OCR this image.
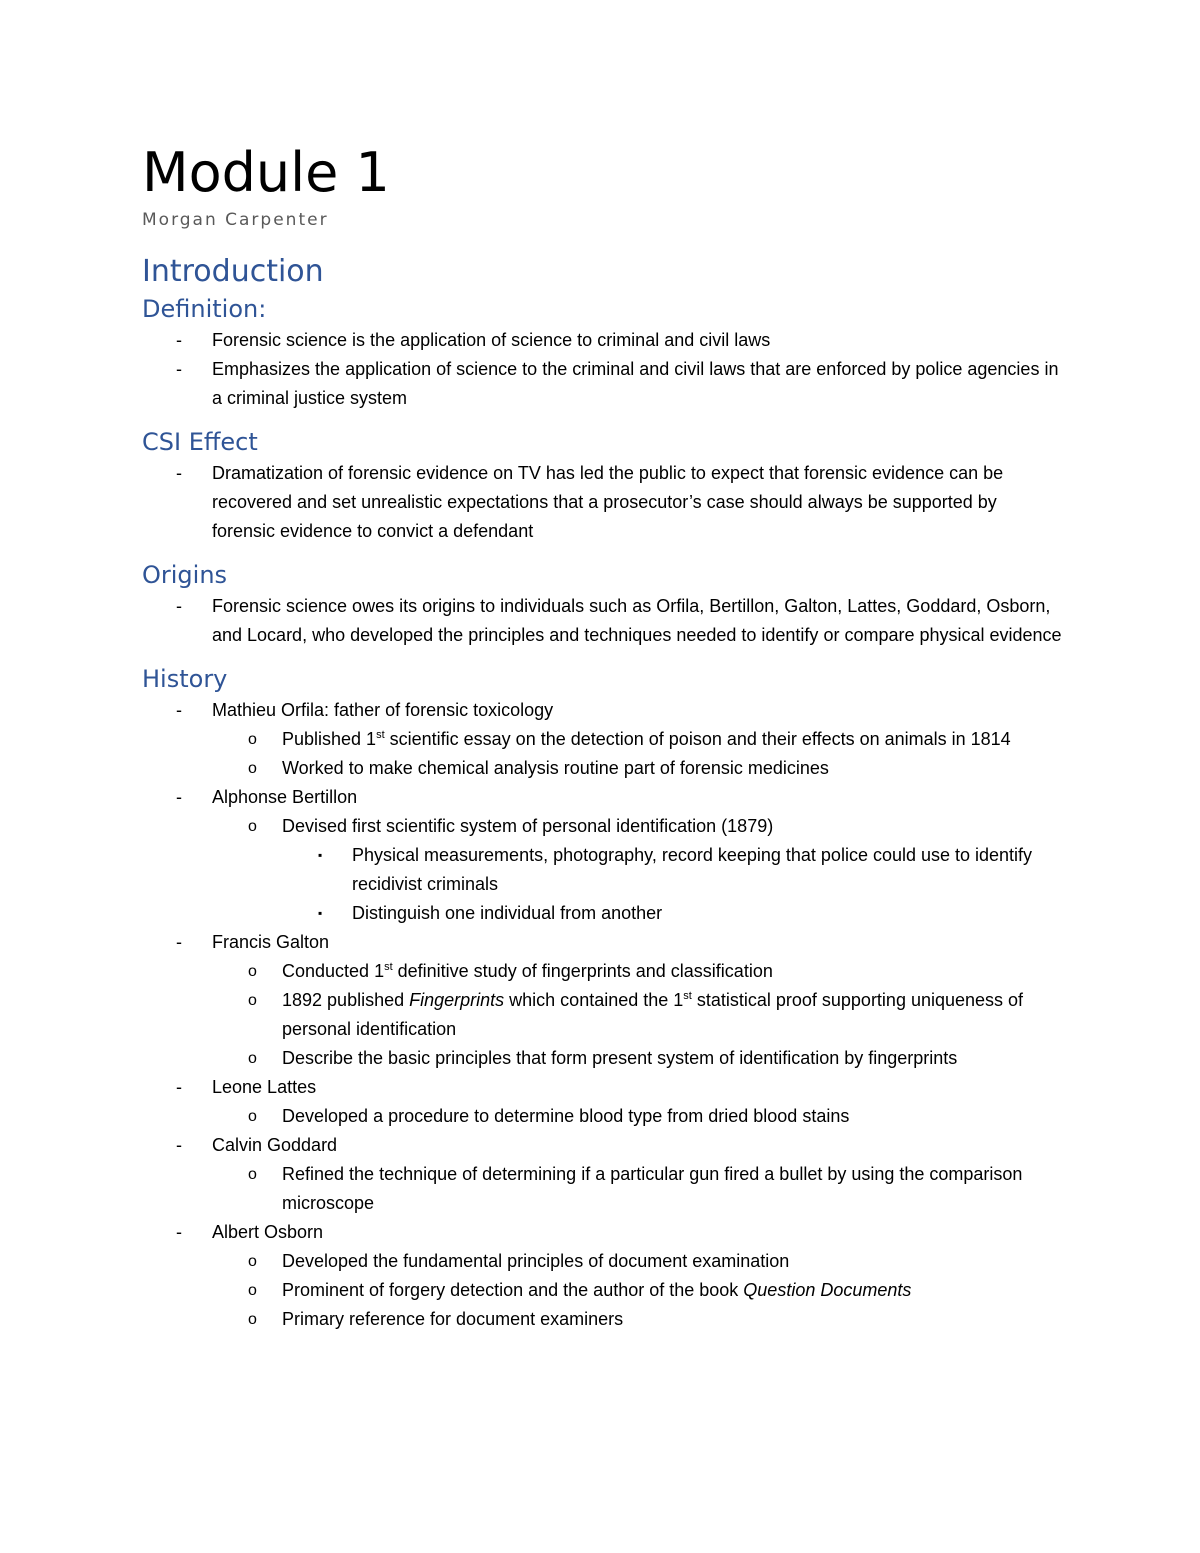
Module 1

Morgan Carpenter

Introduction
Definition:
- Forensic science is the application of science to criminal and civil laws
- Emphasizes the application of science to the criminal and civil laws that are enforced by police agencies in a criminal justice system
CSI Effect
- Dramatization of forensic evidence on TV has led the public to expect that forensic evidence can be recovered and set unrealistic expectations that a prosecutor’s case should always be supported by forensic evidence to convict a defendant
Origins
- Forensic science owes its origins to individuals such as Orfila, Bertillon, Galton, Lattes, Goddard, Osborn, and Locard, who developed the principles and techniques needed to identify or compare physical evidence
History
- Mathieu Orfila: father of forensic toxicology
o Published 1st scientific essay on the detection of poison and their effects on animals in 1814
o Worked to make chemical analysis routine part of forensic medicines
- Alphonse Bertillon
o Devised first scientific system of personal identification (1879)
▪ Physical measurements, photography, record keeping that police could use to identify recidivist criminals
▪ Distinguish one individual from another
- Francis Galton
o Conducted 1st definitive study of fingerprints and classification
o 1892 published Fingerprints which contained the 1st statistical proof supporting uniqueness of personal identification
o Describe the basic principles that form present system of identification by fingerprints
- Leone Lattes
o Developed a procedure to determine blood type from dried blood stains
- Calvin Goddard
o Refined the technique of determining if a particular gun fired a bullet by using the comparison microscope
- Albert Osborn
o Developed the fundamental principles of document examination
o Prominent of forgery detection and the author of the book Question Documents
o Primary reference for document examiners
